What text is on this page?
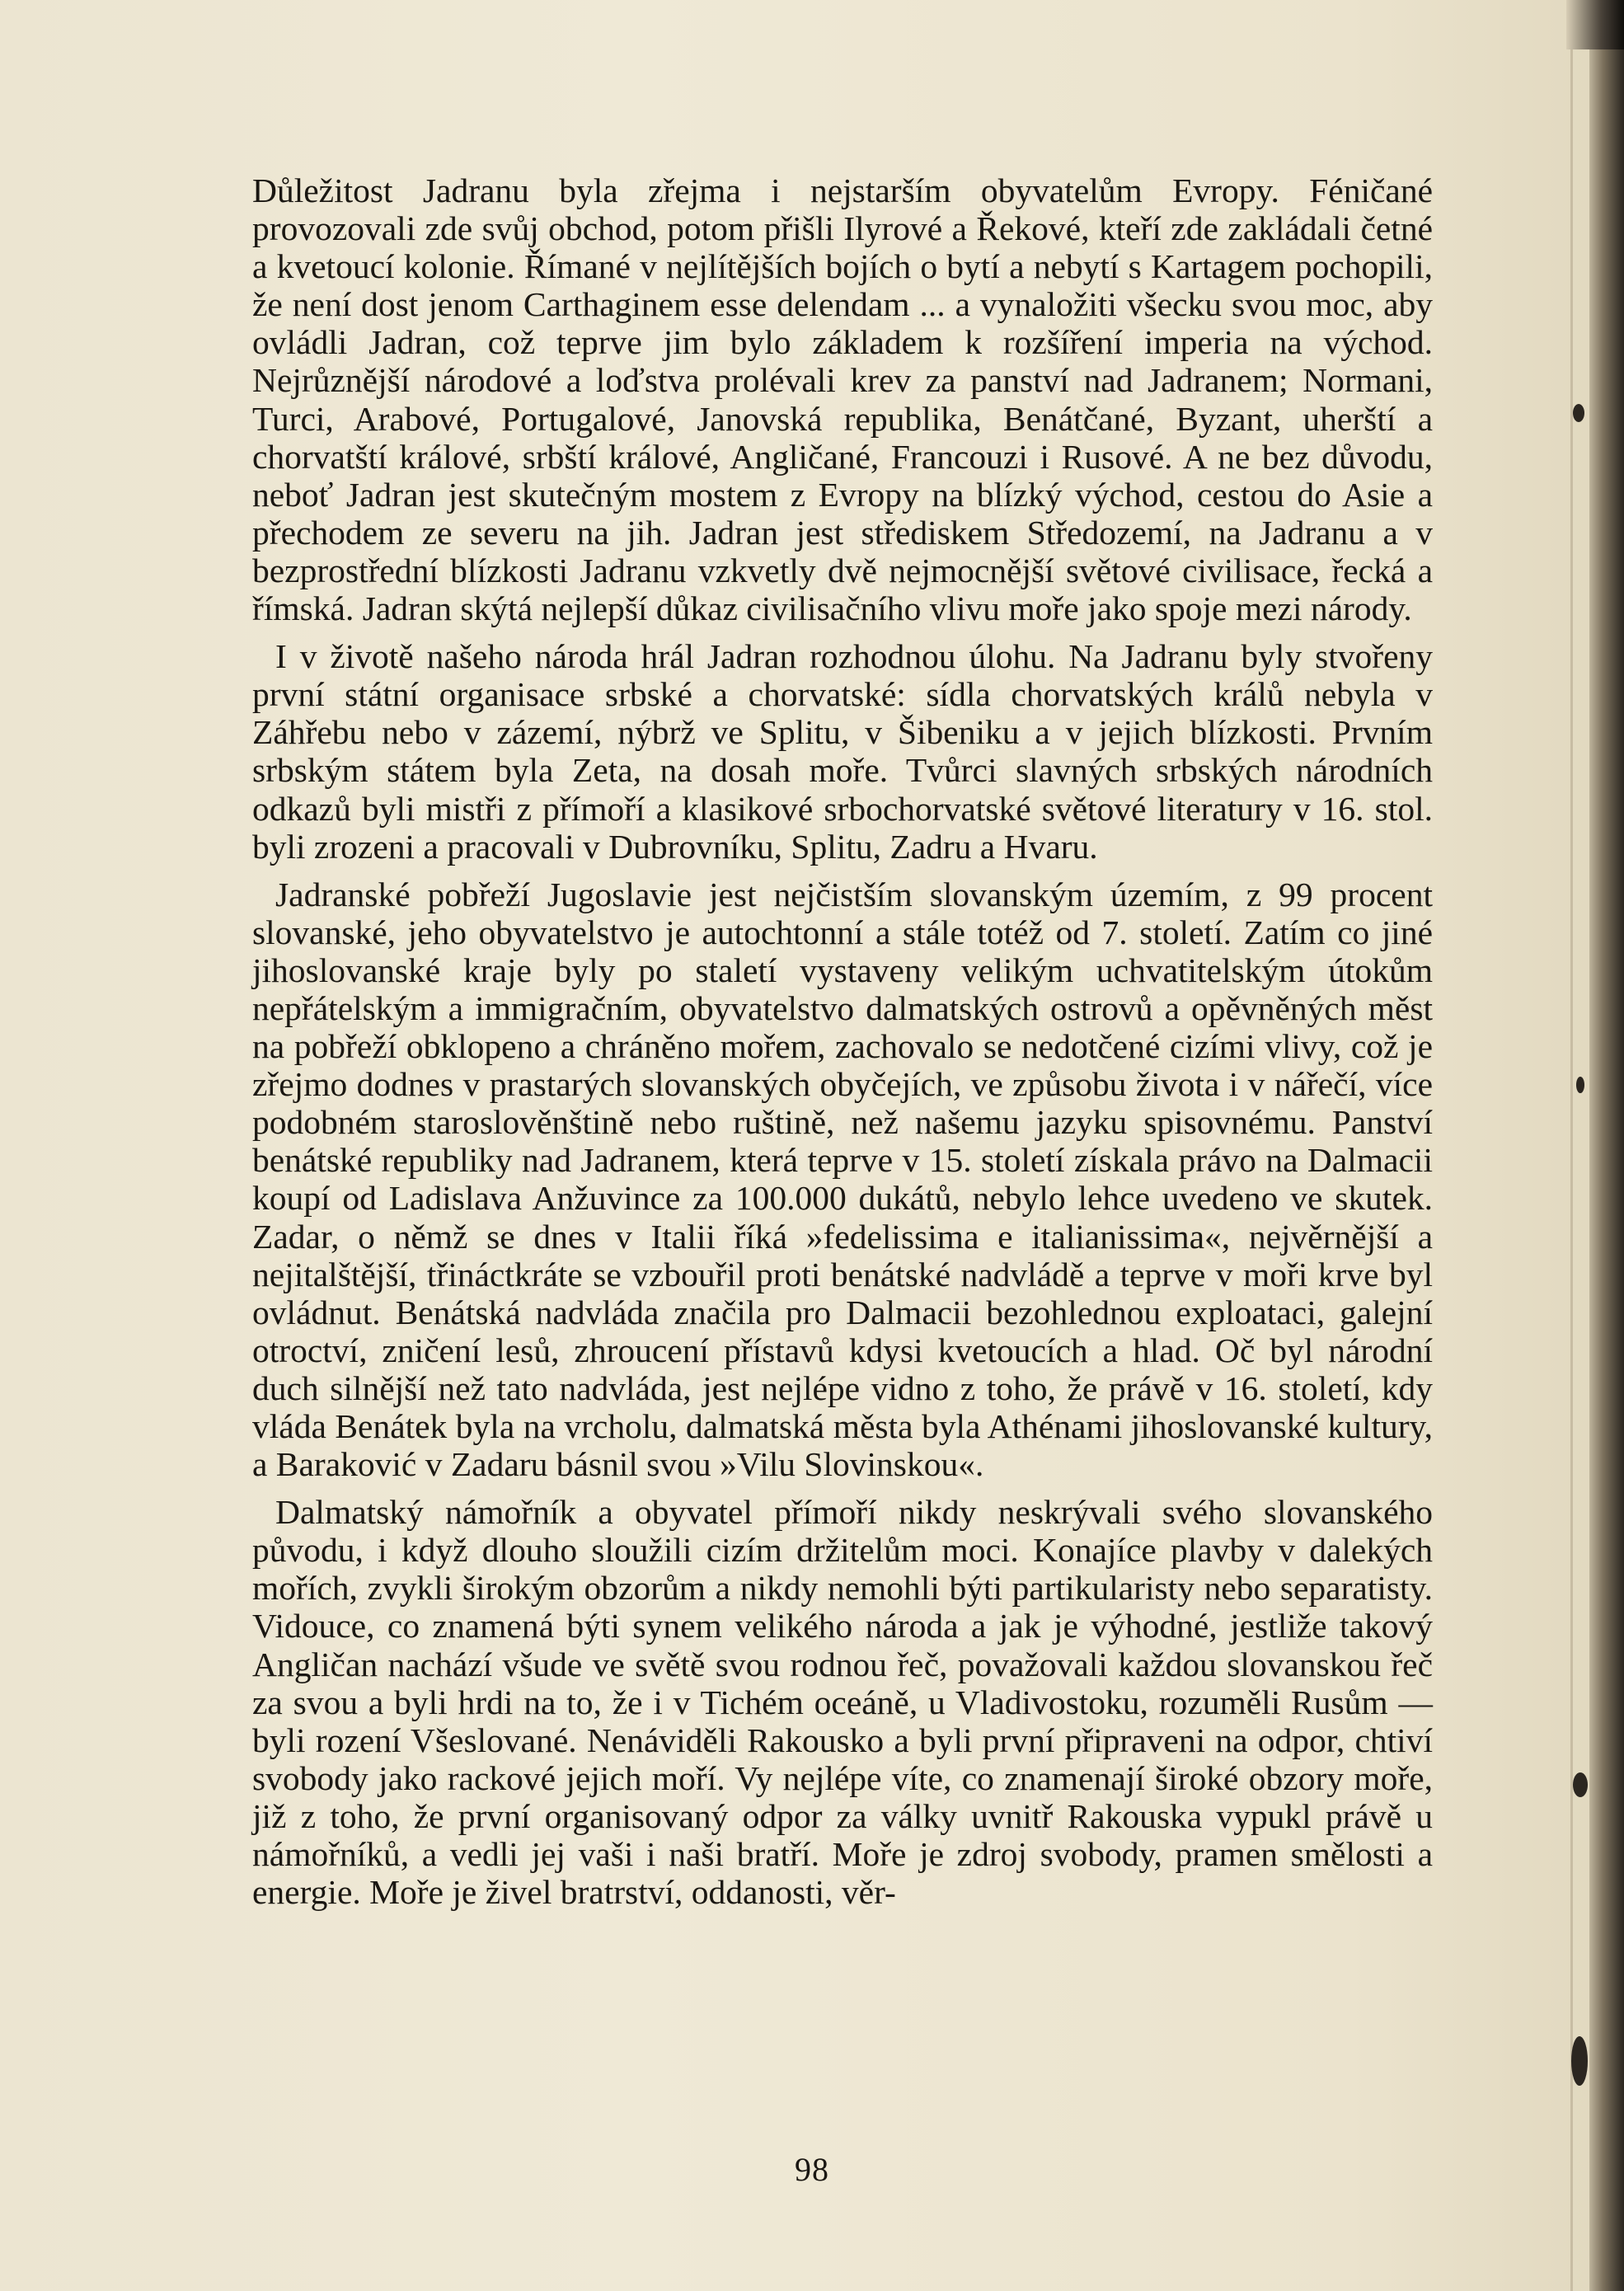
Důležitost Jadranu byla zřejma i nejstarším obyvatelům Evropy. Féničané provozovali zde svůj obchod, potom přišli Ilyrové a Řekové, kteří zde zakládali četné a kvetoucí kolonie. Římané v nejlítějších bojích o bytí a nebytí s Kartagem pochopili, že není dost jenom Carthaginem esse delendam ... a vynaložiti všecku svou moc, aby ovládli Jadran, což teprve jim bylo základem k rozšíření imperia na východ. Nejrůznější národové a loďstva prolévali krev za panství nad Jadranem; Normani, Turci, Arabové, Portugalové, Janovská republika, Benátčané, Byzant, uherští a chorvatští králové, srbští králové, Angličané, Francouzi i Rusové. A ne bez důvodu, neboť Jadran jest skutečným mostem z Evropy na blízký východ, cestou do Asie a přechodem ze severu na jih. Jadran jest střediskem Středozemí, na Jadranu a v bezprostřední blízkosti Jadranu vzkvetly dvě nejmocnější světové civilisace, řecká a římská. Jadran skýtá nejlepší důkaz civilisačního vlivu moře jako spoje mezi národy.

I v životě našeho národa hrál Jadran rozhodnou úlohu. Na Jadranu byly stvořeny první státní organisace srbské a chorvatské: sídla chorvatských králů nebyla v Záhřebu nebo v zázemí, nýbrž ve Splitu, v Šibeniku a v jejich blízkosti. Prvním srbským státem byla Zeta, na dosah moře. Tvůrci slavných srbských národních odkazů byli mistři z přímoří a klasikové srbochorvatské světové literatury v 16. stol. byli zrozeni a pracovali v Dubrovníku, Splitu, Zadru a Hvaru.

Jadranské pobřeží Jugoslavie jest nejčistším slovanským územím, z 99 procent slovanské, jeho obyvatelstvo je autochtonní a stále totéž od 7. století. Zatím co jiné jihoslovanské kraje byly po staletí vystaveny velikým uchvatitelským útokům nepřátelským a immigračním, obyvatelstvo dalmatských ostrovů a opěvněných měst na pobřeží obklopeno a chráněno mořem, zachovalo se nedotčené cizími vlivy, což je zřejmo dodnes v prastarých slovanských obyčejích, ve způsobu života i v nářečí, více podobném staroslověnštině nebo ruštině, než našemu jazyku spisovnému. Panství benátské republiky nad Jadranem, která teprve v 15. století získala právo na Dalmacii koupí od Ladislava Anžuvince za 100.000 dukátů, nebylo lehce uvedeno ve skutek. Zadar, o němž se dnes v Italii říká »fedelissima e italianissima«, nejvěrnější a nejitalštější, třináctkráte se vzbouřil proti benátské nadvládě a teprve v moři krve byl ovládnut. Benátská nadvláda značila pro Dalmacii bezohlednou exploataci, galejní otroctví, zničení lesů, zhroucení přístavů kdysi kvetoucích a hlad. Oč byl národní duch silnější než tato nadvláda, jest nejlépe vidno z toho, že právě v 16. století, kdy vláda Benátek byla na vrcholu, dalmatská města byla Athénami jihoslovanské kultury, a Baraković v Zadaru básnil svou »Vilu Slovinskou«.

Dalmatský námořník a obyvatel přímoří nikdy neskrývali svého slovanského původu, i když dlouho sloužili cizím držitelům moci. Konajíce plavby v dalekých mořích, zvykli širokým obzorům a nikdy nemohli býti partikularisty nebo separatisty. Vidouce, co znamená býti synem velikého národa a jak je výhodné, jestliže takový Angličan nachází všude ve světě svou rodnou řeč, považovali každou slovanskou řeč za svou a byli hrdi na to, že i v Tichém oceáně, u Vladivostoku, rozuměli Rusům — byli rození Všeslované. Nenáviděli Rakousko a byli první připraveni na odpor, chtiví svobody jako rackové jejich moří. Vy nejlépe víte, co znamenají široké obzory moře, již z toho, že první organisovaný odpor za války uvnitř Rakouska vypukl právě u námořníků, a vedli jej vaši i naši bratří. Moře je zdroj svobody, pramen smělosti a energie. Moře je živel bratrství, oddanosti, věr-

98
